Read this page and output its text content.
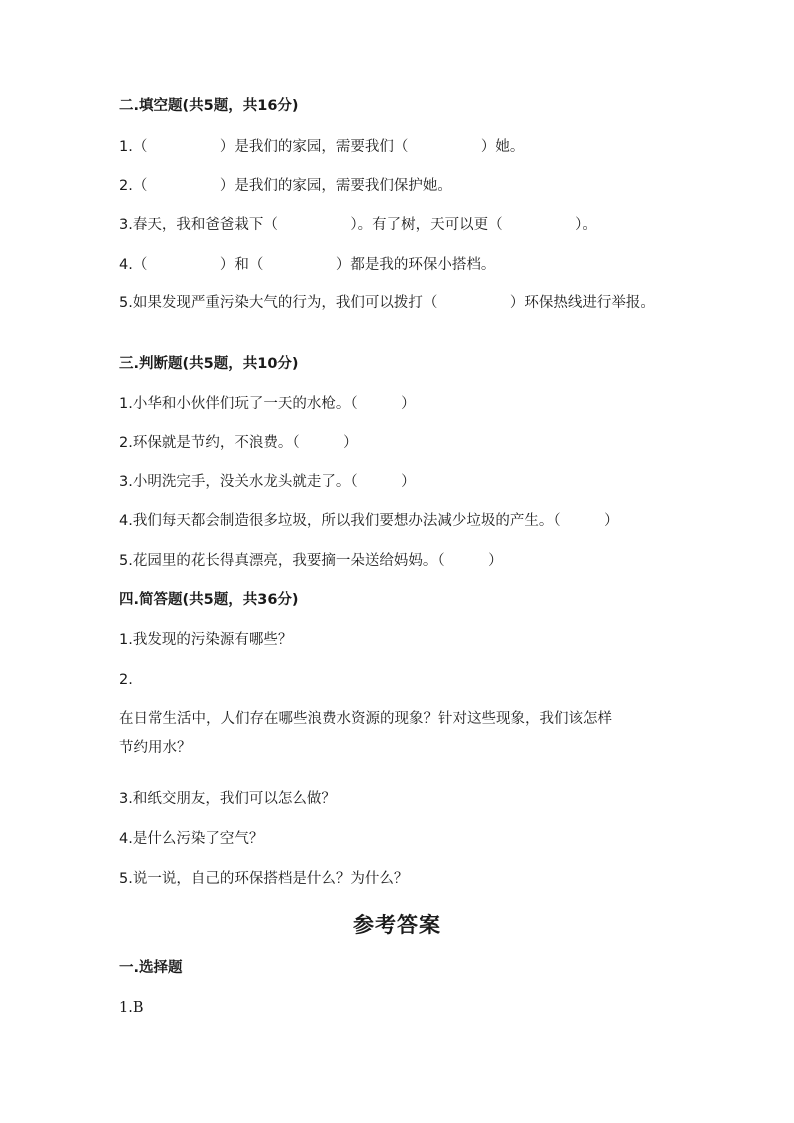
二.填空题(共5题，共16分)
1.（　　　　　）是我们的家园，需要我们（　　　　　）她。
2.（　　　　　）是我们的家园，需要我们保护她。
3.春天，我和爸爸栽下（　　　　　）。有了树，天可以更（　　　　　）。
4.（　　　　　）和（　　　　　）都是我的环保小搭档。
5.如果发现严重污染大气的行为，我们可以拨打（　　　　　）环保热线进行举报。
三.判断题(共5题，共10分)
1.小华和小伙伴们玩了一天的水枪。（　　　）
2.环保就是节约，不浪费。（　　　）
3.小明洗完手，没关水龙头就走了。（　　　）
4.我们每天都会制造很多垃圾，所以我们要想办法减少垃圾的产生。（　　　）
5.花园里的花长得真漂亮，我要摘一朵送给妈妈。（　　　）
四.简答题(共5题，共36分)
1.我发现的污染源有哪些？
2.
在日常生活中，人们存在哪些浪费水资源的现象？针对这些现象，我们该怎样
节约用水？
3.和纸交朋友，我们可以怎么做？
4.是什么污染了空气？
5.说一说，自己的环保搭档是什么？为什么？
参考答案
一.选择题
1.B
